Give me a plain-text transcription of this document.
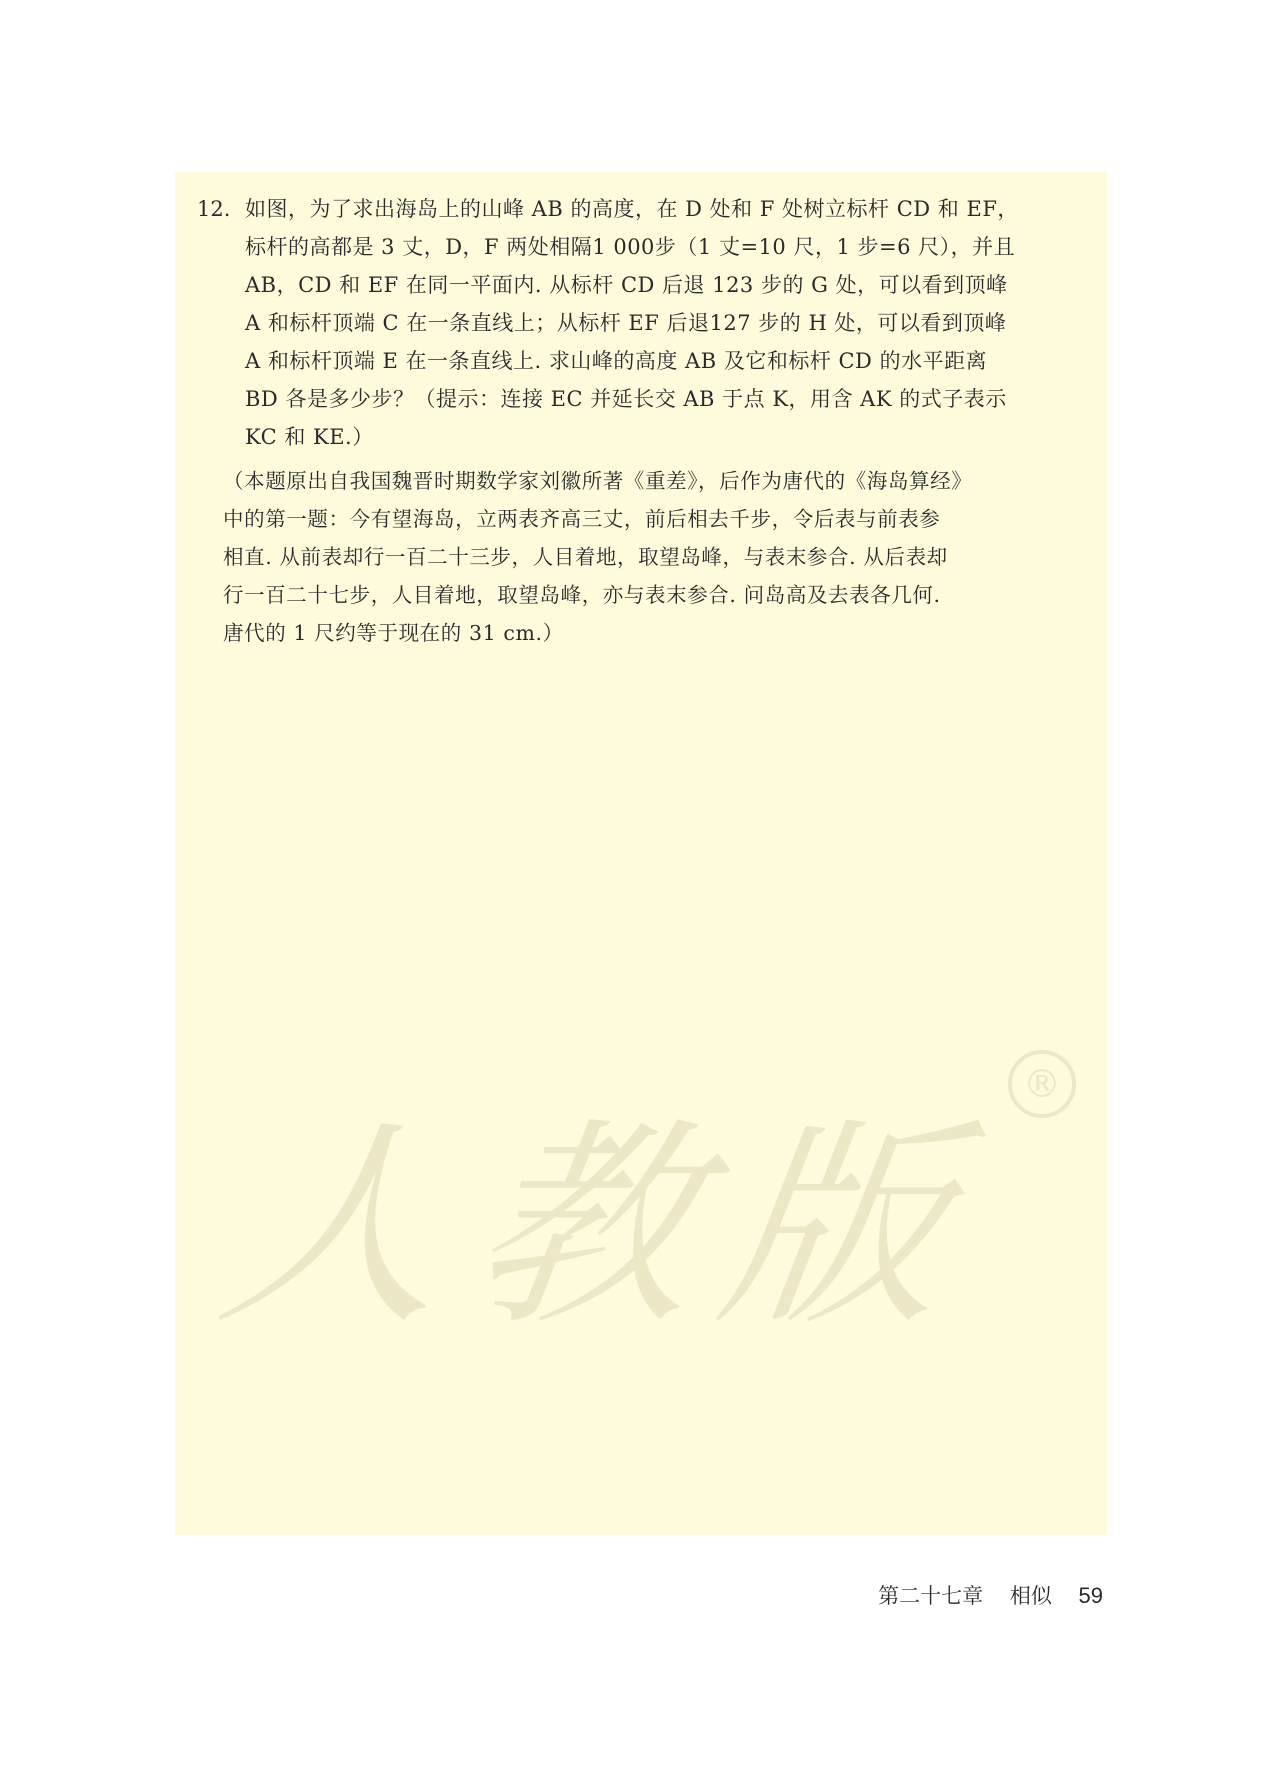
12. 如图，为了求出海岛上的山峰 AB 的高度，在 D 处和 F 处树立标杆 CD 和 EF，
标杆的高都是 3 丈，D，F 两处相隔1 000步（1 丈=10 尺，1 步=6 尺），并且
AB，CD 和 EF 在同一平面内. 从标杆 CD 后退 123 步的 G 处，可以看到顶峰
A 和标杆顶端 C 在一条直线上；从标杆 EF 后退127 步的 H 处，可以看到顶峰
A 和标杆顶端 E 在一条直线上. 求山峰的高度 AB 及它和标杆 CD 的水平距离
BD 各是多少步？（提示：连接 EC 并延长交 AB 于点 K，用含 AK 的式子表示
KC 和 KE.）
（本题原出自我国魏晋时期数学家刘徽所著《重差》，后作为唐代的《海岛算经》
中的第一题：今有望海岛，立两表齐高三丈，前后相去千步，令后表与前表参
相直. 从前表却行一百二十三步，人目着地，取望岛峰，与表末参合. 从后表却
行一百二十七步，人目着地，取望岛峰，亦与表末参合. 问岛高及去表各几何.
唐代的 1 尺约等于现在的 31 cm.）
人教版
®
第二十七章 相似 59
